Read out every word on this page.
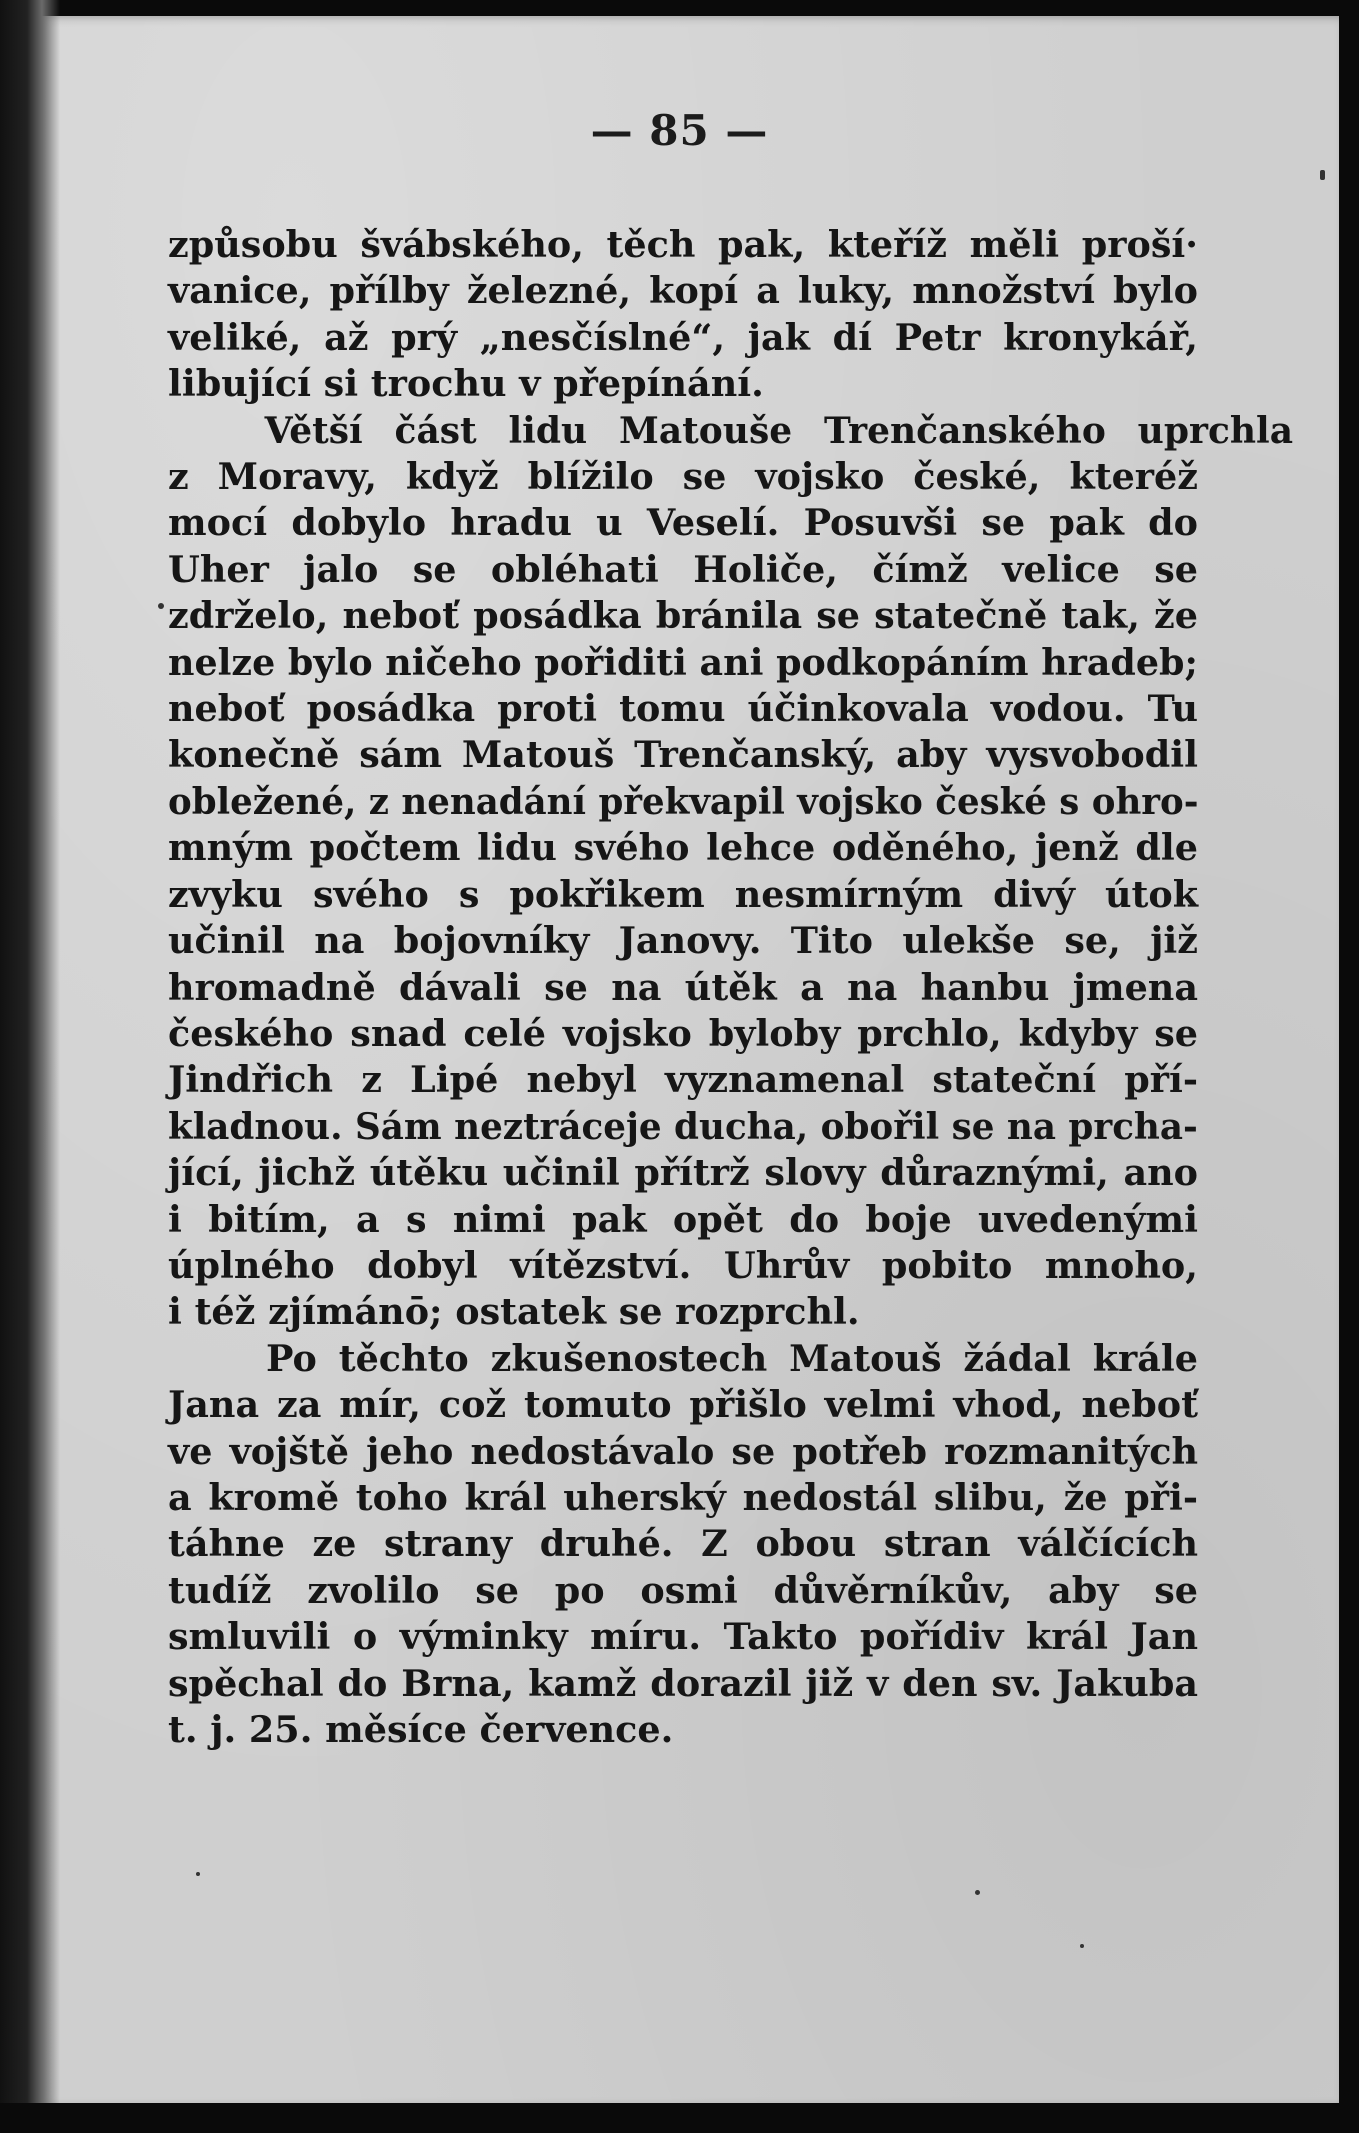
— 85 —
způsobu švábského, těch pak, kteříž měli proší·
vanice, přílby železné, kopí a luky, množství bylo
veliké, až prý „nesčíslné“, jak dí Petr kronykář,
libující si trochu v přepínání.
Větší část lidu Matouše Trenčanského uprchla
z Moravy, když blížilo se vojsko české, kteréž
mocí dobylo hradu u Veselí. Posuvši se pak do
Uher jalo se obléhati Holiče, čímž velice se
zdrželo, neboť posádka bránila se statečně tak, že
nelze bylo ničeho pořiditi ani podkopáním hradeb;
neboť posádka proti tomu účinkovala vodou. Tu
konečně sám Matouš Trenčanský, aby vysvobodil
obležené, z nenadání překvapil vojsko české s ohro-
mným počtem lidu svého lehce oděného, jenž dle
zvyku svého s pokřikem nesmírným divý útok
učinil na bojovníky Janovy. Tito ulekše se, již
hromadně dávali se na útěk a na hanbu jmena
českého snad celé vojsko byloby prchlo, kdyby se
Jindřich z Lipé nebyl vyznamenal stateční pří-
kladnou. Sám neztráceje ducha, obořil se na prcha-
jící, jichž útěku učinil přítrž slovy důraznými, ano
i bitím, a s nimi pak opět do boje uvedenými
úplného dobyl vítězství. Uhrův pobito mnoho,
i též zjímánō; ostatek se rozprchl.
Po těchto zkušenostech Matouš žádal krále
Jana za mír, což tomuto přišlo velmi vhod, neboť
ve vojště jeho nedostávalo se potřeb rozmanitých
a kromě toho král uherský nedostál slibu, že při-
táhne ze strany druhé. Z obou stran válčících
tudíž zvolilo se po osmi důvěrníkův, aby se
smluvili o výminky míru. Takto pořídiv král Jan
spěchal do Brna, kamž dorazil již v den sv. Jakuba
t. j. 25. měsíce července.
